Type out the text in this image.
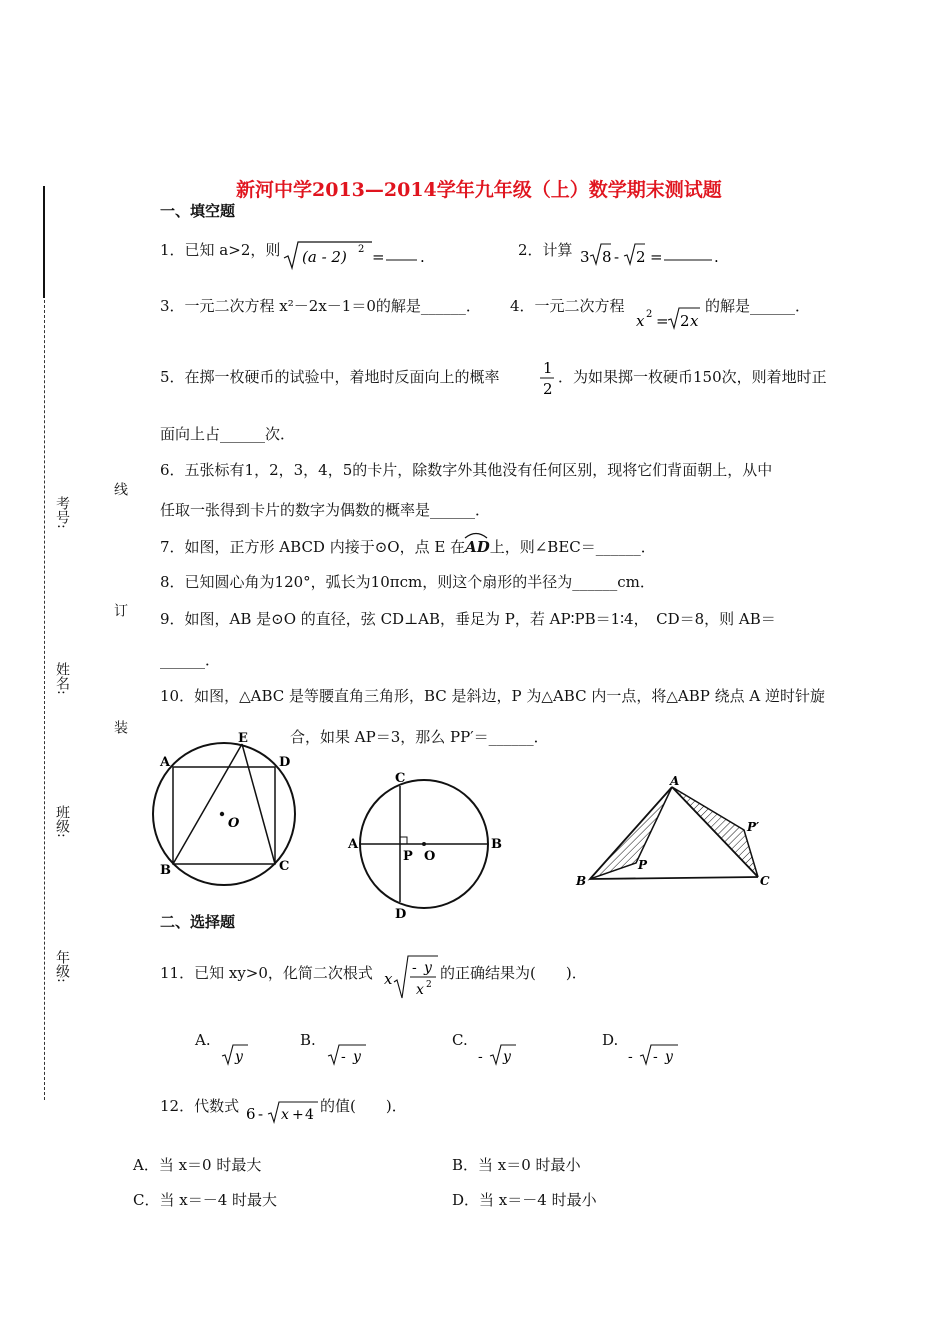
新河中学2013—2014学年九年级（上）数学期末测试题
考号:
姓名:
班级:
年级:
线
订
装
一、填空题
1．已知 a>2，则 (a - 2) 2 = .	2．计算 3 8 - 2 =	.
3．一元二次方程 x²－2x－1＝0的解是______． 4．一元二次方程
x 2 = 2 x
的解是______．
5．在掷一枚硬币的试验中，着地时反面向上的概率	1
2
．为如果掷一枚硬币150次，则着地时正
面向上占______次．
6．五张标有1，2，3，4，5的卡片，除数字外其他没有任何区别，现将它们背面朝上，从中
任取一张得到卡片的数字为偶数的概率是______．
7．如图，正方形 ABCD 内接于⊙O，点 E 在
AD上，则∠BEC＝______．
8．已知圆心角为120°，弧长为10πcm，则这个扇形的半径为______cm．
9．如图，AB 是⊙O 的直径，弦 CD⊥AB，垂足为 P，若 AP∶PB＝1∶4，　CD＝8，则 AB＝
______．
10．如图，△ABC 是等腰直角三角形，BC 是斜边，P 为△ABC 内一点，将△ABP 绕点 A 逆时针旋
合，如果 AP＝3，那么 PP′＝______．
A
E
D
B	C
O
C
A
P O
B
D
A
P′
B
P
C
二、选择题
11．已知 xy>0，化简二次根式 x
- y
x 2
的正确结果为(　　)．
A.
y
B.
- y
C.
- y
D.
- - y
12．代数式 6 - x + 4 的值(　　)．
A．当 x＝0 时最大	B．当 x＝0 时最小
C．当 x＝－4 时最大	D．当 x＝－4 时最小
